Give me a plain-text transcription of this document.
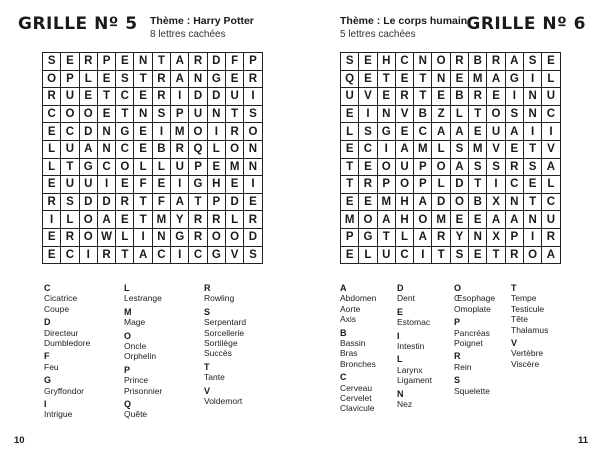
GRILLE Nº 5 Thème : Harry Potter
8 lettres cachées
S	E	R	P	E	N	T	A	R	D	F	P
O	P	L	E	S	T	R	A	N	G	E	R
R	U	E	T	C	E	R	I	D	D	U	I
C	O	O	E	T	N	S	P	U	N	T	S
E	C	D	N	G	E	I	M	O	I	R	O
L	U	A	N	C	E	B	R	Q	L	O	N
L	T	G	C	O	L	L	U	P	E	M	N
E	U	U	I	E	F	E	I	G	H	E	I
R	S	D	D	R	T	F	A	T	P	D	E
I	L	O	A	E	T	M	Y	R	R	L	R
E	R	O	W	L	I	N	G	R	O	O	D
E	C	I	R	T	A	C	I	C	G	V	S
C
Cicatrice
Coupe
D
Directeur
Dumbledore
F
Feu
G
Gryffondor
I
Intrigue
L
Lestrange
M
Mage
O
Oncle
Orphelin
P
Prince
Prisonnier
Q
Quête
R
Rowling
S
Serpentard
Sorcellerie
Sortilège
Succès
T
Tante
V
Voldemort
10
GRILLE Nº 6
Thème : Le corps humain
5 lettres cachées
S	E	H	C	N	O	R	B	R	A	S	E
Q	E	T	E	T	N	E	M	A	G	I	L
U	V	E	R	T	E	B	R	E	I	N	U
E	I	N	V	B	Z	L	T	O	S	N	C
L	S	G	E	C	A	A	E	U	A	I	I
E	C	I	A	M	L	S	M	V	E	T	V
T	E	O	U	P	O	A	S	S	R	S	A
T	R	P	O	P	L	D	T	I	C	E	L
E	E	M	H	A	D	O	B	X	N	T	C
M	O	A	H	O	M	E	E	A	A	N	U
P	G	T	L	A	R	Y	N	X	P	I	R
E	L	U	C	I	T	S	E	T	R	O	A
A
Abdomen
Aorte
Axis
B
Bassin
Bras
Bronches
C
Cerveau
Cervelet
Clavicule
D
Dent
E
Estomac
I
Intestin
L
Larynx
Ligament
N
Nez
O
Œsophage
Omoplate
P
Pancréas
Poignet
R
Rein
S
Squelette
T
Tempe
Testicule
Tête
Thalamus
V
Vertèbre
Viscère
11
